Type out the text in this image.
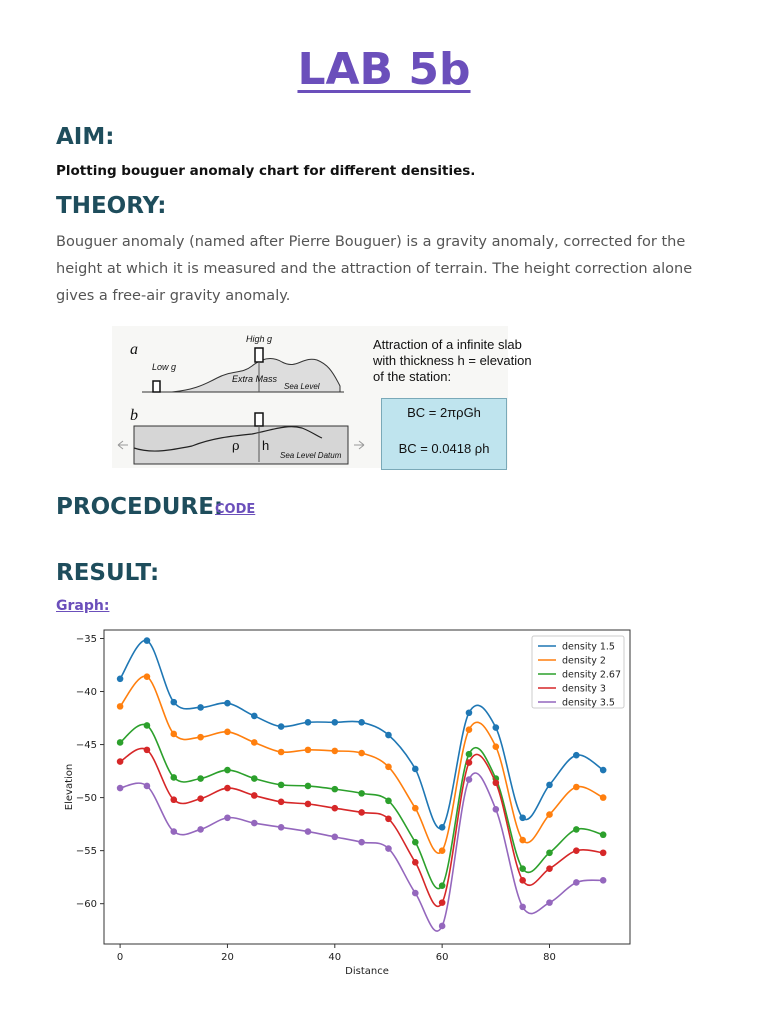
LAB 5b
AIM:
Plotting bouguer anomaly chart for different densities.
THEORY:
Bouguer anomaly (named after Pierre Bouguer) is a gravity anomaly, corrected for the height at which it is measured and the attraction of terrain. The height correction alone gives a free-air gravity anomaly.
a
b
High g
Low g
Extra Mass
Sea Level
ρ h
Sea Level Datum
Attraction of a infinite slab
with thickness h = elevation
of the station:
BC = 2πρGh
BC = 0.0418 ρh
PROCEDURE:
CODE
RESULT:
Graph:
0	20	40	60	80
−35
−40
−45
−50
−55
−60
Distance
Elevation
density 1.5
density 2
density 2.67
density 3
density 3.5
